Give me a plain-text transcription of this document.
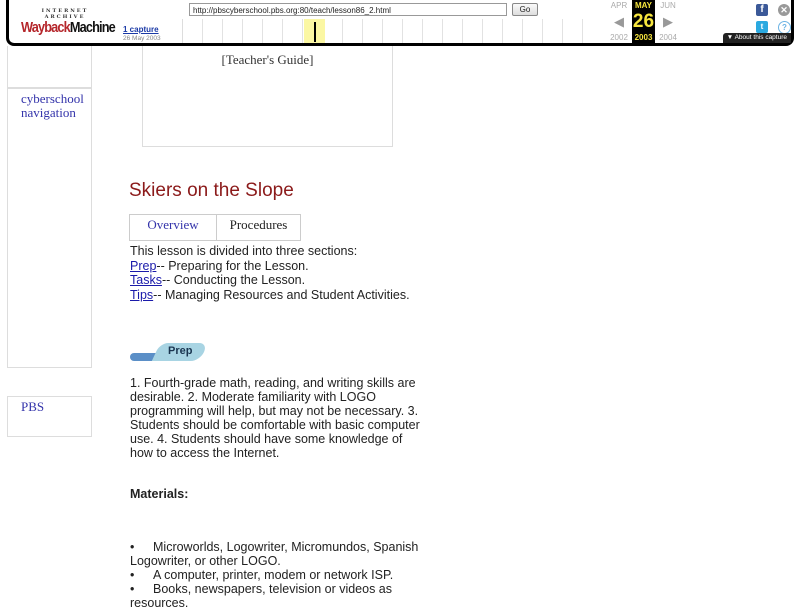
INTERNET ARCHIVE
WaybackMachine
http://pbscyberschool.pbs.org:80/teach/lesson86_2.html	Go
1 capture
26 May 2003
APR
◀
2002
MAY
26
2003
JUN
▶
2004
f	✕
t	?
▼ About this capture
cyberschool navigation
PBS
[Teacher's Guide]
Skiers on the Slope
Overview	Procedures
This lesson is divided into three sections:
Prep-- Preparing for the Lesson.
Tasks-- Conducting the Lesson.
Tips-- Managing Resources and Student Activities.
Prep
1. Fourth-grade math, reading, and writing skills are desirable. 2. Moderate familiarity with LOGO programming will help, but may not be necessary. 3. Students should be comfortable with basic computer use. 4. Students should have some knowledge of how to access the Internet.
Materials:
• Microworlds, Logowriter, Micromundos, Spanish Logowriter, or other LOGO.
• A computer, printer, modem or network ISP.
• Books, newspapers, television or videos as resources.
